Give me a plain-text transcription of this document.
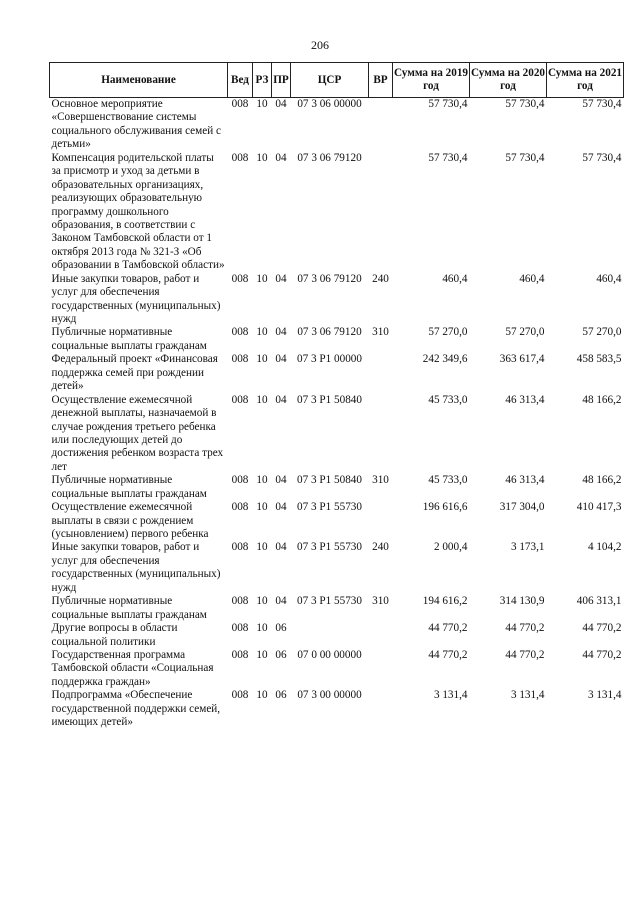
206
Наименование	Вед	РЗ	ПР	ЦСР	ВР	Сумма на 2019 год	Сумма на 2020 год	Сумма на 2021 год
Основное мероприятие «Совершенствование системы социального обслуживания семей с детьми»	008	10	04	07 3 06 00000		57 730,4	57 730,4	57 730,4
Компенсация родительской платы за присмотр и уход за детьми в образовательных организациях, реализующих образовательную программу дошкольного образования, в соответствии с Законом Тамбовской области от 1 октября 2013 года № 321-З «Об образовании в Тамбовской области»	008	10	04	07 3 06 79120		57 730,4	57 730,4	57 730,4
Иные закупки товаров, работ и услуг для обеспечения государственных (муниципальных) нужд	008	10	04	07 3 06 79120	240	460,4	460,4	460,4
Публичные нормативные социальные выплаты гражданам	008	10	04	07 3 06 79120	310	57 270,0	57 270,0	57 270,0
Федеральный проект «Финансовая поддержка семей при рождении детей»	008	10	04	07 3 Р1 00000		242 349,6	363 617,4	458 583,5
Осуществление ежемесячной денежной выплаты, назначаемой в случае рождения третьего ребенка или последующих детей до достижения ребенком возраста трех лет	008	10	04	07 3 Р1 50840		45 733,0	46 313,4	48 166,2
Публичные нормативные социальные выплаты гражданам	008	10	04	07 3 Р1 50840	310	45 733,0	46 313,4	48 166,2
Осуществление ежемесячной выплаты в связи с рождением (усыновлением) первого ребенка	008	10	04	07 3 Р1 55730		196 616,6	317 304,0	410 417,3
Иные закупки товаров, работ и услуг для обеспечения государственных (муниципальных) нужд	008	10	04	07 3 Р1 55730	240	2 000,4	3 173,1	4 104,2
Публичные нормативные социальные выплаты гражданам	008	10	04	07 3 Р1 55730	310	194 616,2	314 130,9	406 313,1
Другие вопросы в области социальной политики	008	10	06			44 770,2	44 770,2	44 770,2
Государственная программа Тамбовской области «Социальная поддержка граждан»	008	10	06	07 0 00 00000		44 770,2	44 770,2	44 770,2
Подпрограмма «Обеспечение государственной поддержки семей, имеющих детей»	008	10	06	07 3 00 00000		3 131,4	3 131,4	3 131,4
